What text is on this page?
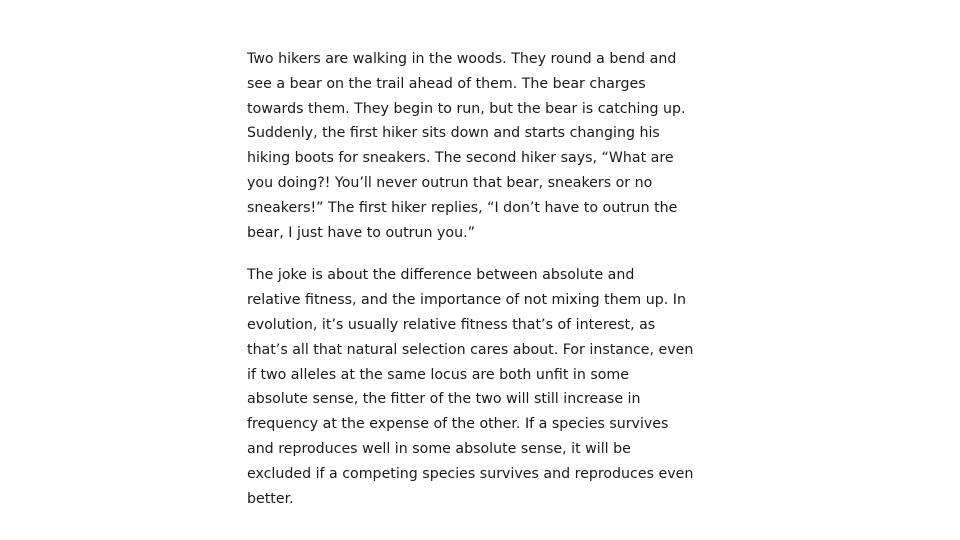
Two hikers are walking in the woods. They round a bend and
see a bear on the trail ahead of them. The bear charges
towards them. They begin to run, but the bear is catching up.
Suddenly, the first hiker sits down and starts changing his
hiking boots for sneakers. The second hiker says, “What are
you doing?! You’ll never outrun that bear, sneakers or no
sneakers!” The first hiker replies, “I don’t have to outrun the
bear, I just have to outrun you.”

The joke is about the difference between absolute and
relative fitness, and the importance of not mixing them up. In
evolution, it’s usually relative fitness that’s of interest, as
that’s all that natural selection cares about. For instance, even
if two alleles at the same locus are both unfit in some
absolute sense, the fitter of the two will still increase in
frequency at the expense of the other. If a species survives
and reproduces well in some absolute sense, it will be
excluded if a competing species survives and reproduces even
better.
